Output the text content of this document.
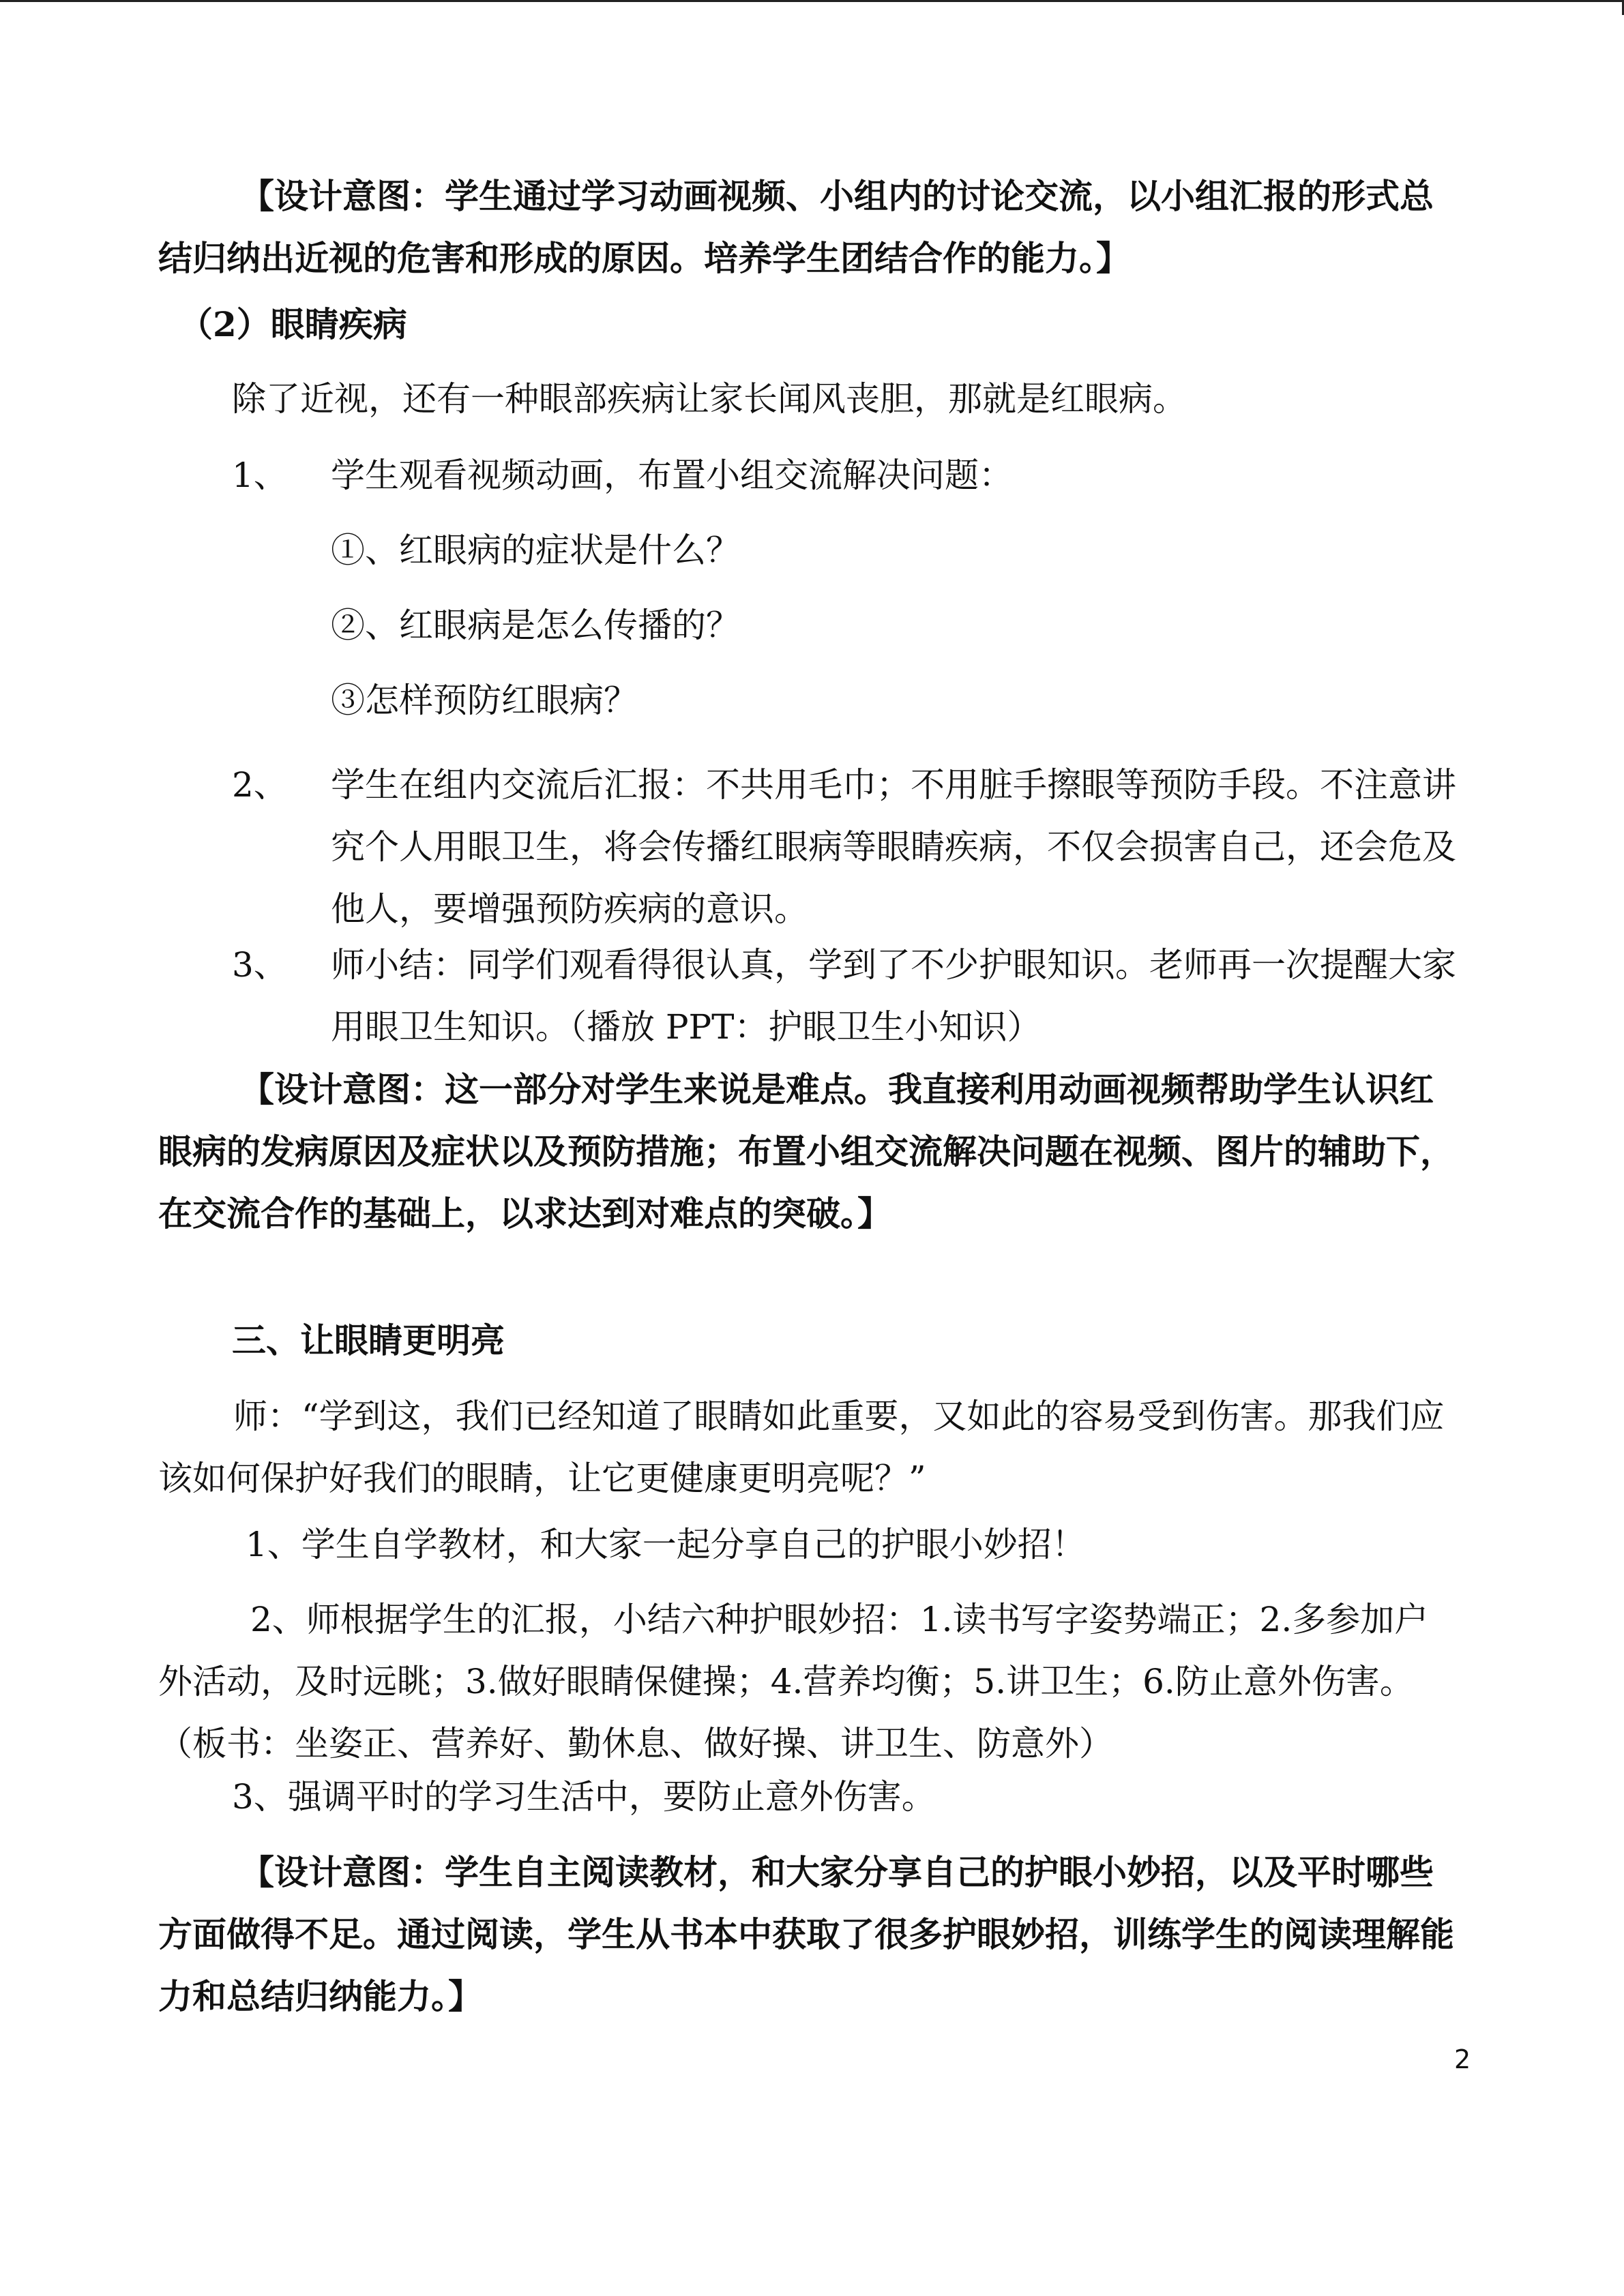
【设计意图：学生通过学习动画视频、小组内的讨论交流，以小组汇报的形式总结归纳出近视的危害和形成的原因。培养学生团结合作的能力。】

（2）眼睛疾病

除了近视，还有一种眼部疾病让家长闻风丧胆，那就是红眼病。

1、 学生观看视频动画，布置小组交流解决问题：

①、红眼病的症状是什么？

②、红眼病是怎么传播的？

③怎样预防红眼病？

2、 学生在组内交流后汇报：不共用毛巾；不用脏手擦眼等预防手段。不注意讲究个人用眼卫生，将会传播红眼病等眼睛疾病，不仅会损害自己，还会危及他人，要增强预防疾病的意识。
3、 师小结：同学们观看得很认真，学到了不少护眼知识。老师再一次提醒大家用眼卫生知识。（播放 PPT：护眼卫生小知识）

【设计意图：这一部分对学生来说是难点。我直接利用动画视频帮助学生认识红眼病的发病原因及症状以及预防措施；布置小组交流解决问题在视频、图片的辅助下，在交流合作的基础上，以求达到对难点的突破。】

三、让眼睛更明亮

师：“学到这，我们已经知道了眼睛如此重要，又如此的容易受到伤害。那我们应该如何保护好我们的眼睛，让它更健康更明亮呢？”

1、学生自学教材，和大家一起分享自己的护眼小妙招！

2、师根据学生的汇报，小结六种护眼妙招：1.读书写字姿势端正；2.多参加户外活动，及时远眺；3.做好眼睛保健操；4.营养均衡；5.讲卫生；6.防止意外伤害。（板书：坐姿正、营养好、勤休息、做好操、讲卫生、防意外）

3、强调平时的学习生活中，要防止意外伤害。

【设计意图：学生自主阅读教材，和大家分享自己的护眼小妙招，以及平时哪些方面做得不足。通过阅读，学生从书本中获取了很多护眼妙招，训练学生的阅读理解能力和总结归纳能力。】

2
